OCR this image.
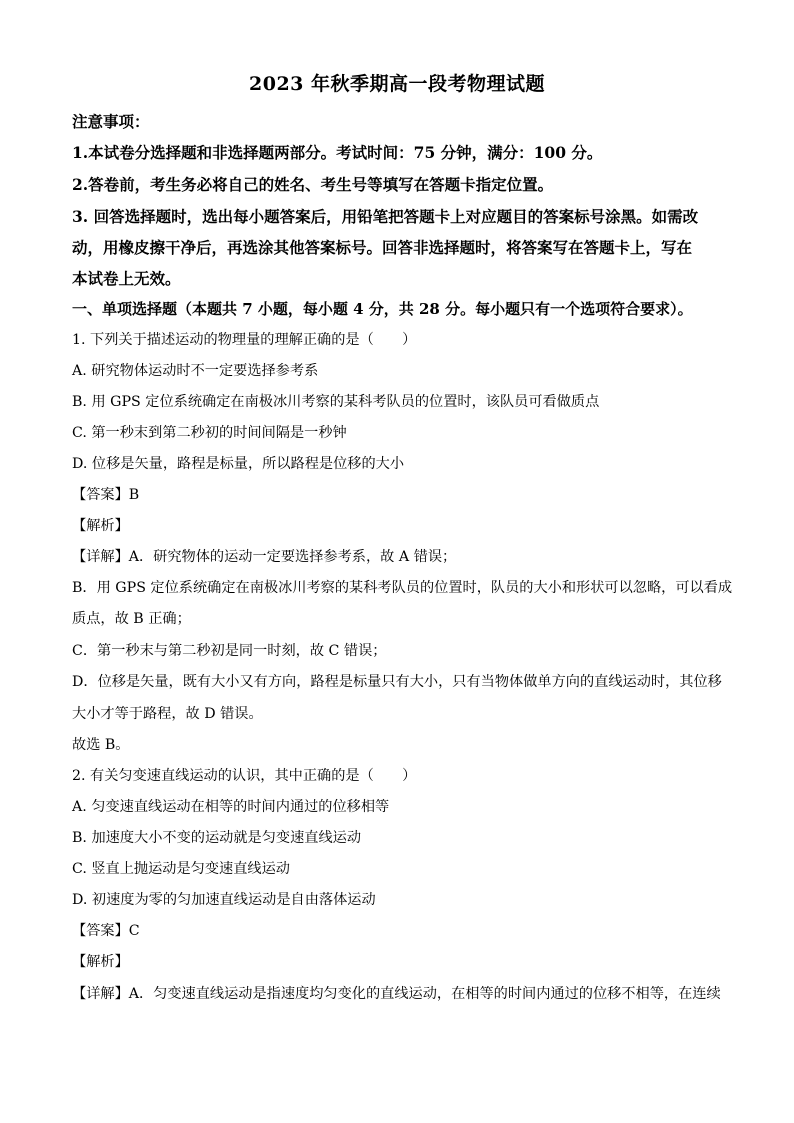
2023 年秋季期高一段考物理试题
注意事项：
1.本试卷分选择题和非选择题两部分。考试时间：75 分钟，满分：100 分。
2.答卷前，考生务必将自己的姓名、考生号等填写在答题卡指定位置。
3. 回答选择题时，选出每小题答案后，用铅笔把答题卡上对应题目的答案标号涂黑。如需改
动，用橡皮擦干净后，再选涂其他答案标号。回答非选择题时，将答案写在答题卡上，写在
本试卷上无效。
一、单项选择题（本题共 7 小题，每小题 4 分，共 28 分。每小题只有一个选项符合要求）。
1. 下列关于描述运动的物理量的理解正确的是（　　）
A. 研究物体运动时不一定要选择参考系
B. 用 GPS 定位系统确定在南极冰川考察的某科考队员的位置时，该队员可看做质点
C. 第一秒末到第二秒初的时间间隔是一秒钟
D. 位移是矢量，路程是标量，所以路程是位移的大小
【答案】B
【解析】
【详解】A．研究物体的运动一定要选择参考系，故 A 错误；
B．用 GPS 定位系统确定在南极冰川考察的某科考队员的位置时，队员的大小和形状可以忽略，可以看成
质点，故 B 正确；
C．第一秒末与第二秒初是同一时刻，故 C 错误；
D．位移是矢量，既有大小又有方向，路程是标量只有大小，只有当物体做单方向的直线运动时，其位移
大小才等于路程，故 D 错误。
故选 B。
2. 有关匀变速直线运动的认识，其中正确的是（　　）
A. 匀变速直线运动在相等的时间内通过的位移相等
B. 加速度大小不变的运动就是匀变速直线运动
C. 竖直上抛运动是匀变速直线运动
D. 初速度为零的匀加速直线运动是自由落体运动
【答案】C
【解析】
【详解】A．匀变速直线运动是指速度均匀变化的直线运动，在相等的时间内通过的位移不相等，在连续
